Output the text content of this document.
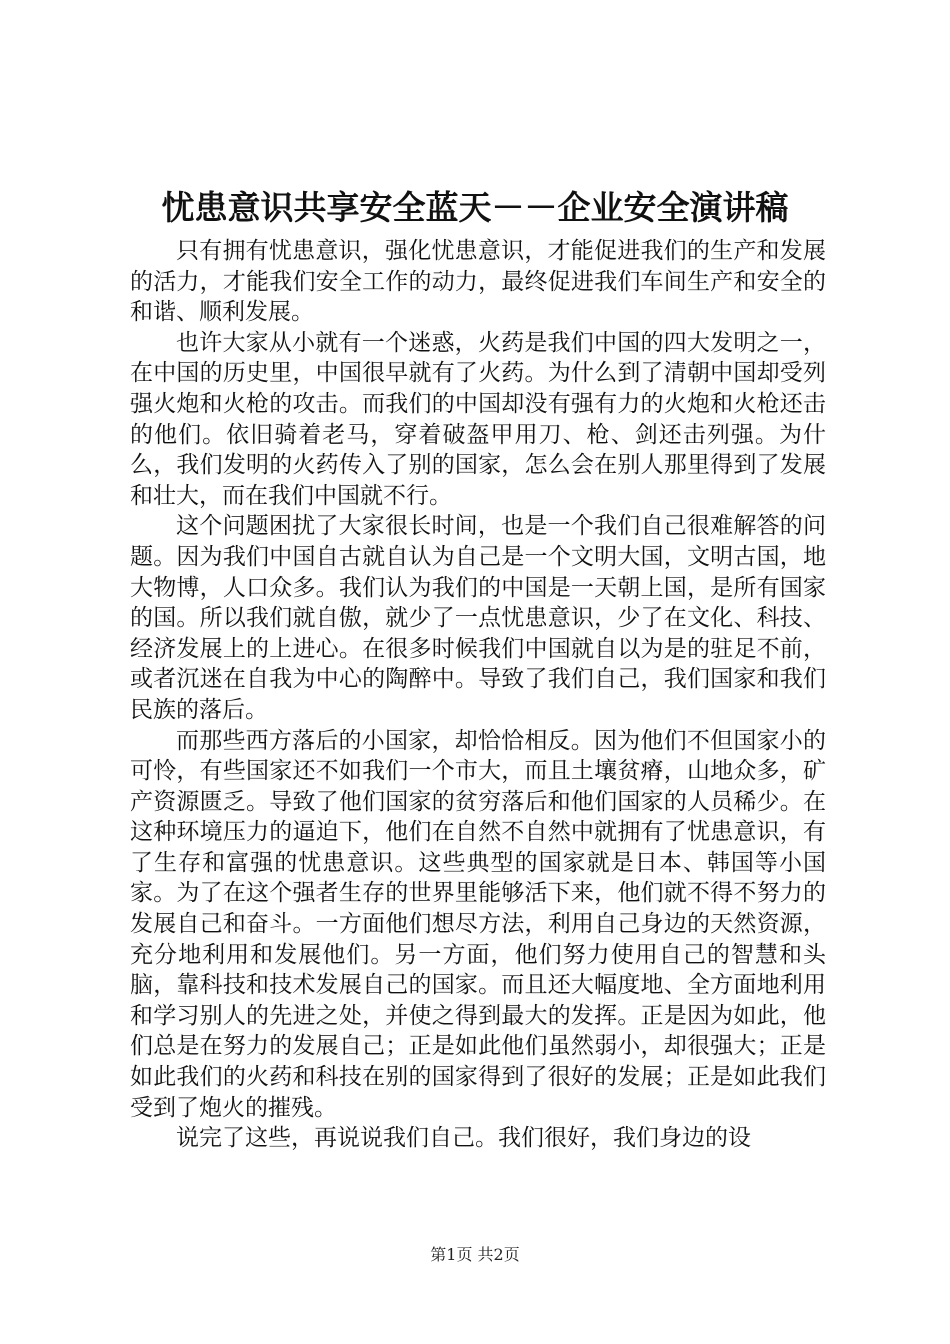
忧患意识共享安全蓝天－－企业安全演讲稿

只有拥有忧患意识，强化忧患意识，才能促进我们的生产和发展的活力，才能我们安全工作的动力，最终促进我们车间生产和安全的和谐、顺利发展。

也许大家从小就有一个迷惑，火药是我们中国的四大发明之一，在中国的历史里，中国很早就有了火药。为什么到了清朝中国却受列强火炮和火枪的攻击。而我们的中国却没有强有力的火炮和火枪还击的他们。依旧骑着老马，穿着破盔甲用刀、枪、剑还击列强。为什么，我们发明的火药传入了别的国家，怎么会在别人那里得到了发展和壮大，而在我们中国就不行。

这个问题困扰了大家很长时间，也是一个我们自己很难解答的问题。因为我们中国自古就自认为自己是一个文明大国，文明古国，地大物博，人口众多。我们认为我们的中国是一天朝上国，是所有国家的国。所以我们就自傲，就少了一点忧患意识，少了在文化、科技、经济发展上的上进心。在很多时候我们中国就自以为是的驻足不前，或者沉迷在自我为中心的陶醉中。导致了我们自己，我们国家和我们民族的落后。

而那些西方落后的小国家，却恰恰相反。因为他们不但国家小的可怜，有些国家还不如我们一个市大，而且土壤贫瘠，山地众多，矿产资源匮乏。导致了他们国家的贫穷落后和他们国家的人员稀少。在这种环境压力的逼迫下，他们在自然不自然中就拥有了忧患意识，有了生存和富强的忧患意识。这些典型的国家就是日本、韩国等小国家。为了在这个强者生存的世界里能够活下来，他们就不得不努力的发展自己和奋斗。一方面他们想尽方法，利用自己身边的天然资源，充分地利用和发展他们。另一方面，他们努力使用自己的智慧和头脑，靠科技和技术发展自己的国家。而且还大幅度地、全方面地利用和学习别人的先进之处，并使之得到最大的发挥。正是因为如此，他们总是在努力的发展自己；正是如此他们虽然弱小，却很强大；正是如此我们的火药和科技在别的国家得到了很好的发展；正是如此我们受到了炮火的摧残。

说完了这些，再说说我们自己。我们很好，我们身边的设

第1页 共2页
